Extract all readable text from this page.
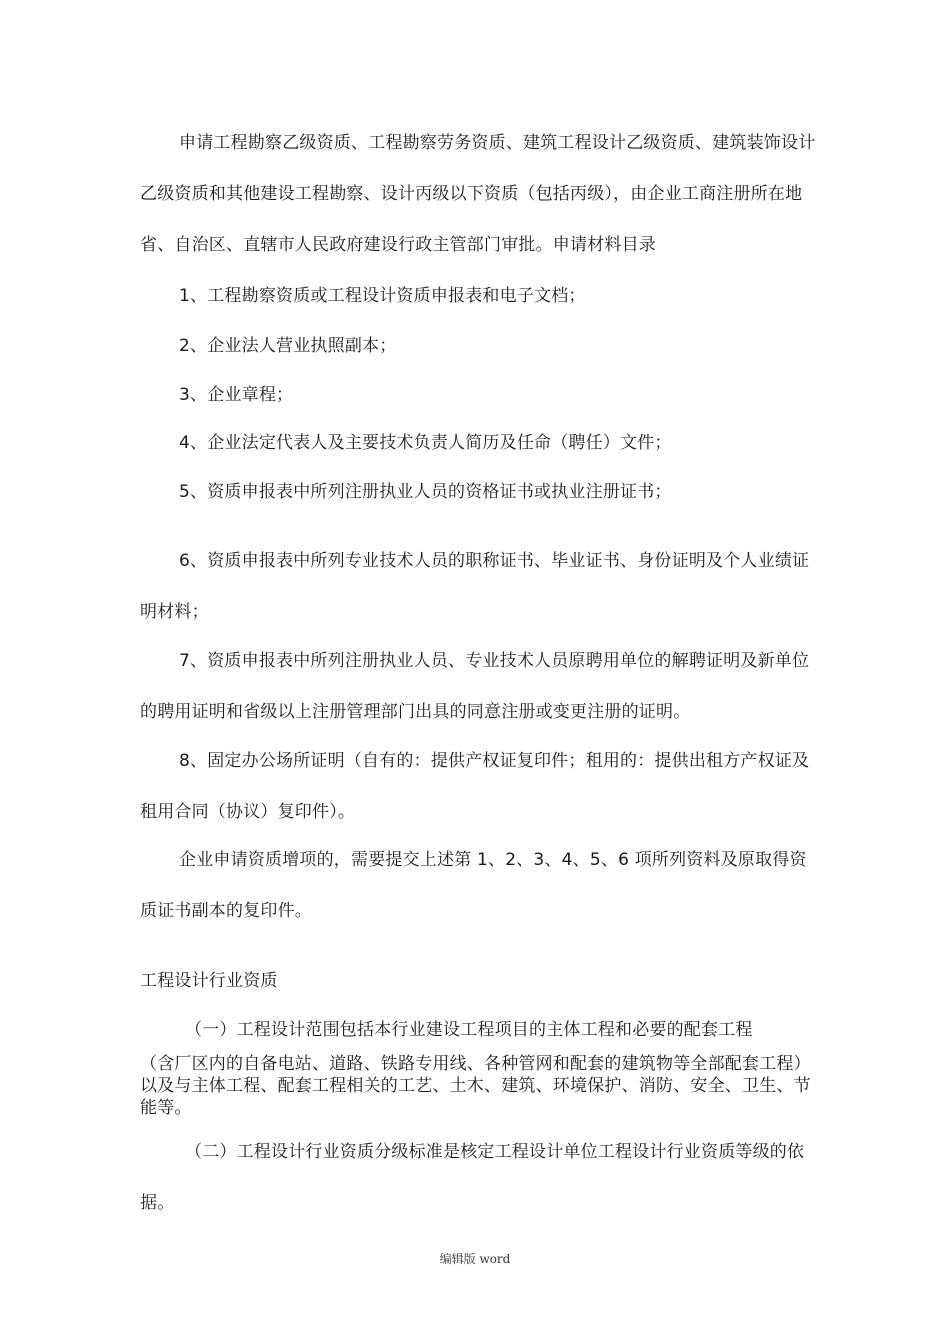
申请工程勘察乙级资质、工程勘察劳务资质、建筑工程设计乙级资质、建筑装饰设计乙级资质和其他建设工程勘察、设计丙级以下资质（包括丙级），由企业工商注册所在地省、自治区、直辖市人民政府建设行政主管部门审批。申请材料目录

1、工程勘察资质或工程设计资质申报表和电子文档；

2、企业法人营业执照副本；

3、企业章程；

4、企业法定代表人及主要技术负责人简历及任命（聘任）文件；

5、资质申报表中所列注册执业人员的资格证书或执业注册证书；

6、资质申报表中所列专业技术人员的职称证书、毕业证书、身份证明及个人业绩证明材料；

7、资质申报表中所列注册执业人员、专业技术人员原聘用单位的解聘证明及新单位的聘用证明和省级以上注册管理部门出具的同意注册或变更注册的证明。

8、固定办公场所证明（自有的：提供产权证复印件；租用的：提供出租方产权证及租用合同（协议）复印件）。

企业申请资质增项的，需要提交上述第 1、2、3、4、5、6 项所列资料及原取得资质证书副本的复印件。

工程设计行业资质

（一）工程设计范围包括本行业建设工程项目的主体工程和必要的配套工程

（含厂区内的自备电站、道路、铁路专用线、各种管网和配套的建筑物等全部配套工程）以及与主体工程、配套工程相关的工艺、土木、建筑、环境保护、消防、安全、卫生、节能等。

（二）工程设计行业资质分级标准是核定工程设计单位工程设计行业资质等级的依据。

编辑版 word
